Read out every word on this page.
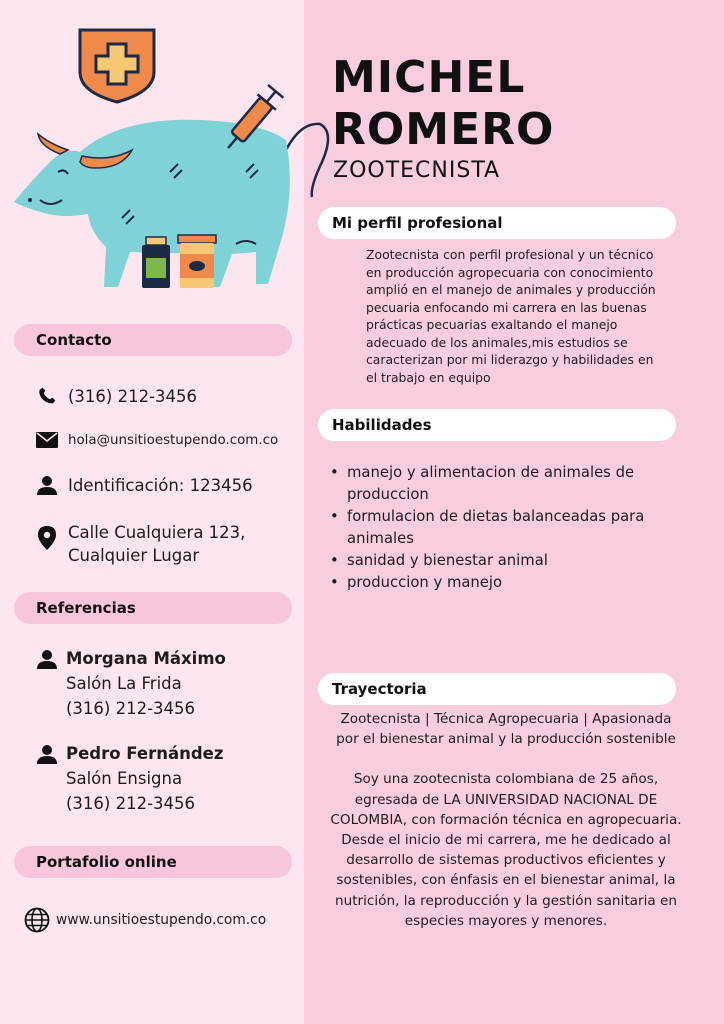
MICHEL
ROMERO
ZOOTECNISTA
Mi perfil profesional
Zootecnista con perfil profesional y un técnico en producción agropecuaria con conocimiento amplió en el manejo de animales y producción pecuaria enfocando mi carrera en las buenas prácticas pecuarias exaltando el manejo adecuado de los animales,mis estudios se caracterizan por mi liderazgo y habilidades en el trabajo en equipo
Habilidades
• manejo y alimentacion de animales de produccion
• formulacion de dietas balanceadas para animales
• sanidad y bienestar animal
• produccion y manejo
Trayectoria

Zootecnista | Técnica Agropecuaria | Apasionada por el bienestar animal y la producción sostenible

Soy una zootecnista colombiana de 25 años, egresada de LA UNIVERSIDAD NACIONAL DE COLOMBIA, con formación técnica en agropecuaria. Desde el inicio de mi carrera, me he dedicado al desarrollo de sistemas productivos eficientes y sostenibles, con énfasis en el bienestar animal, la nutrición, la reproducción y la gestión sanitaria en especies mayores y menores.

Contacto
(316) 212-3456
hola@unsitioestupendo.com.co
Identificación: 123456
Calle Cualquiera 123,
Cualquier Lugar
Referencias
Morgana Máximo
Salón La Frida
(316) 212-3456
Pedro Fernández
Salón Ensigna
(316) 212-3456
Portafolio online
www.unsitioestupendo.com.co
